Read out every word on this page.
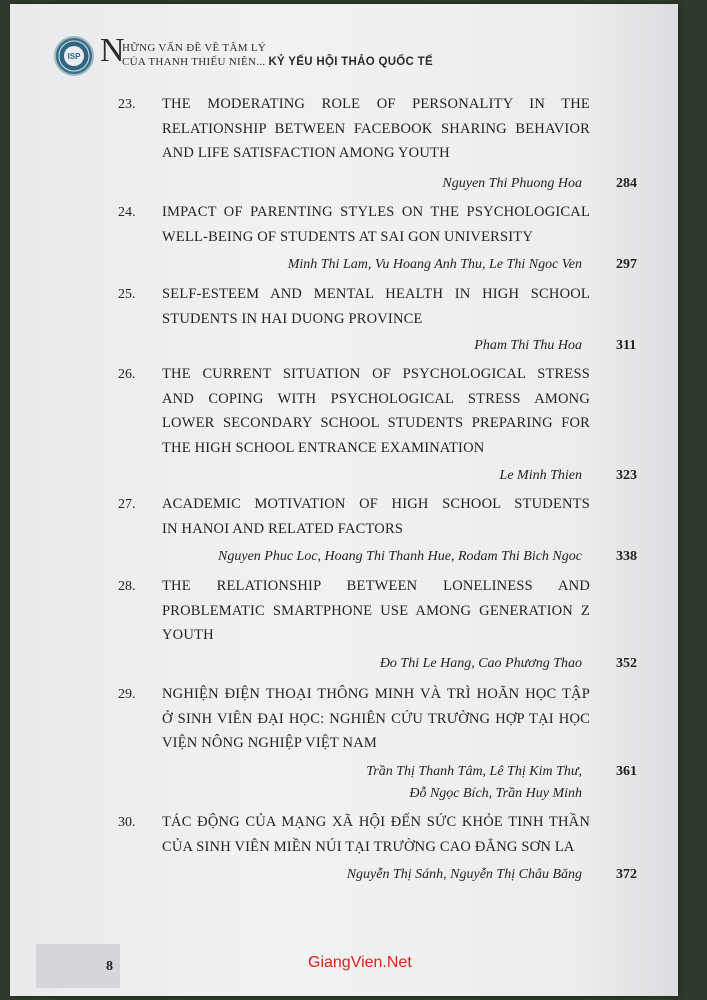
ISP N
HỮNG VẤN ĐỀ VỀ TÂM LÝ
CỦA THANH THIẾU NIÊN... KỶ YẾU HỘI THẢO QUỐC TẾ
23. THE MODERATING ROLE OF PERSONALITY IN THE
RELATIONSHIP BETWEEN FACEBOOK SHARING BEHAVIOR
AND LIFE SATISFACTION AMONG YOUTH
Nguyen Thi Phuong Hoa 284
24. IMPACT OF PARENTING STYLES ON THE PSYCHOLOGICAL
WELL-BEING OF STUDENTS AT SAI GON UNIVERSITY
Minh Thi Lam, Vu Hoang Anh Thu, Le Thi Ngoc Ven 297
25. SELF-ESTEEM AND MENTAL HEALTH IN HIGH SCHOOL
STUDENTS IN HAI DUONG PROVINCE
Pham Thi Thu Hoa 311
26. THE CURRENT SITUATION OF PSYCHOLOGICAL STRESS
AND COPING WITH PSYCHOLOGICAL STRESS AMONG
LOWER SECONDARY SCHOOL STUDENTS PREPARING FOR
THE HIGH SCHOOL ENTRANCE EXAMINATION
Le Minh Thien 323
27. ACADEMIC MOTIVATION OF HIGH SCHOOL STUDENTS
IN HANOI AND RELATED FACTORS
Nguyen Phuc Loc, Hoang Thi Thanh Hue, Rodam Thi Bich Ngoc 338
28. THE RELATIONSHIP BETWEEN LONELINESS AND
PROBLEMATIC SMARTPHONE USE AMONG GENERATION Z
YOUTH
Đo Thi Le Hang, Cao Phương Thao 352
29. NGHIỆN ĐIỆN THOẠI THÔNG MINH VÀ TRÌ HOÃN HỌC TẬP
Ở SINH VIÊN ĐẠI HỌC: NGHIÊN CỨU TRƯỜNG HỢP TẠI HỌC
VIỆN NÔNG NGHIỆP VIỆT NAM
Trần Thị Thanh Tâm, Lê Thị Kim Thư,
Đỗ Ngọc Bích, Trần Huy Minh
361
30. TÁC ĐỘNG CỦA MẠNG XÃ HỘI ĐẾN SỨC KHỎE TINH THẦN
CỦA SINH VIÊN MIỀN NÚI TẠI TRƯỜNG CAO ĐẲNG SƠN LA
Nguyễn Thị Sánh, Nguyễn Thị Châu Băng 372
8	GiangVien.Net
